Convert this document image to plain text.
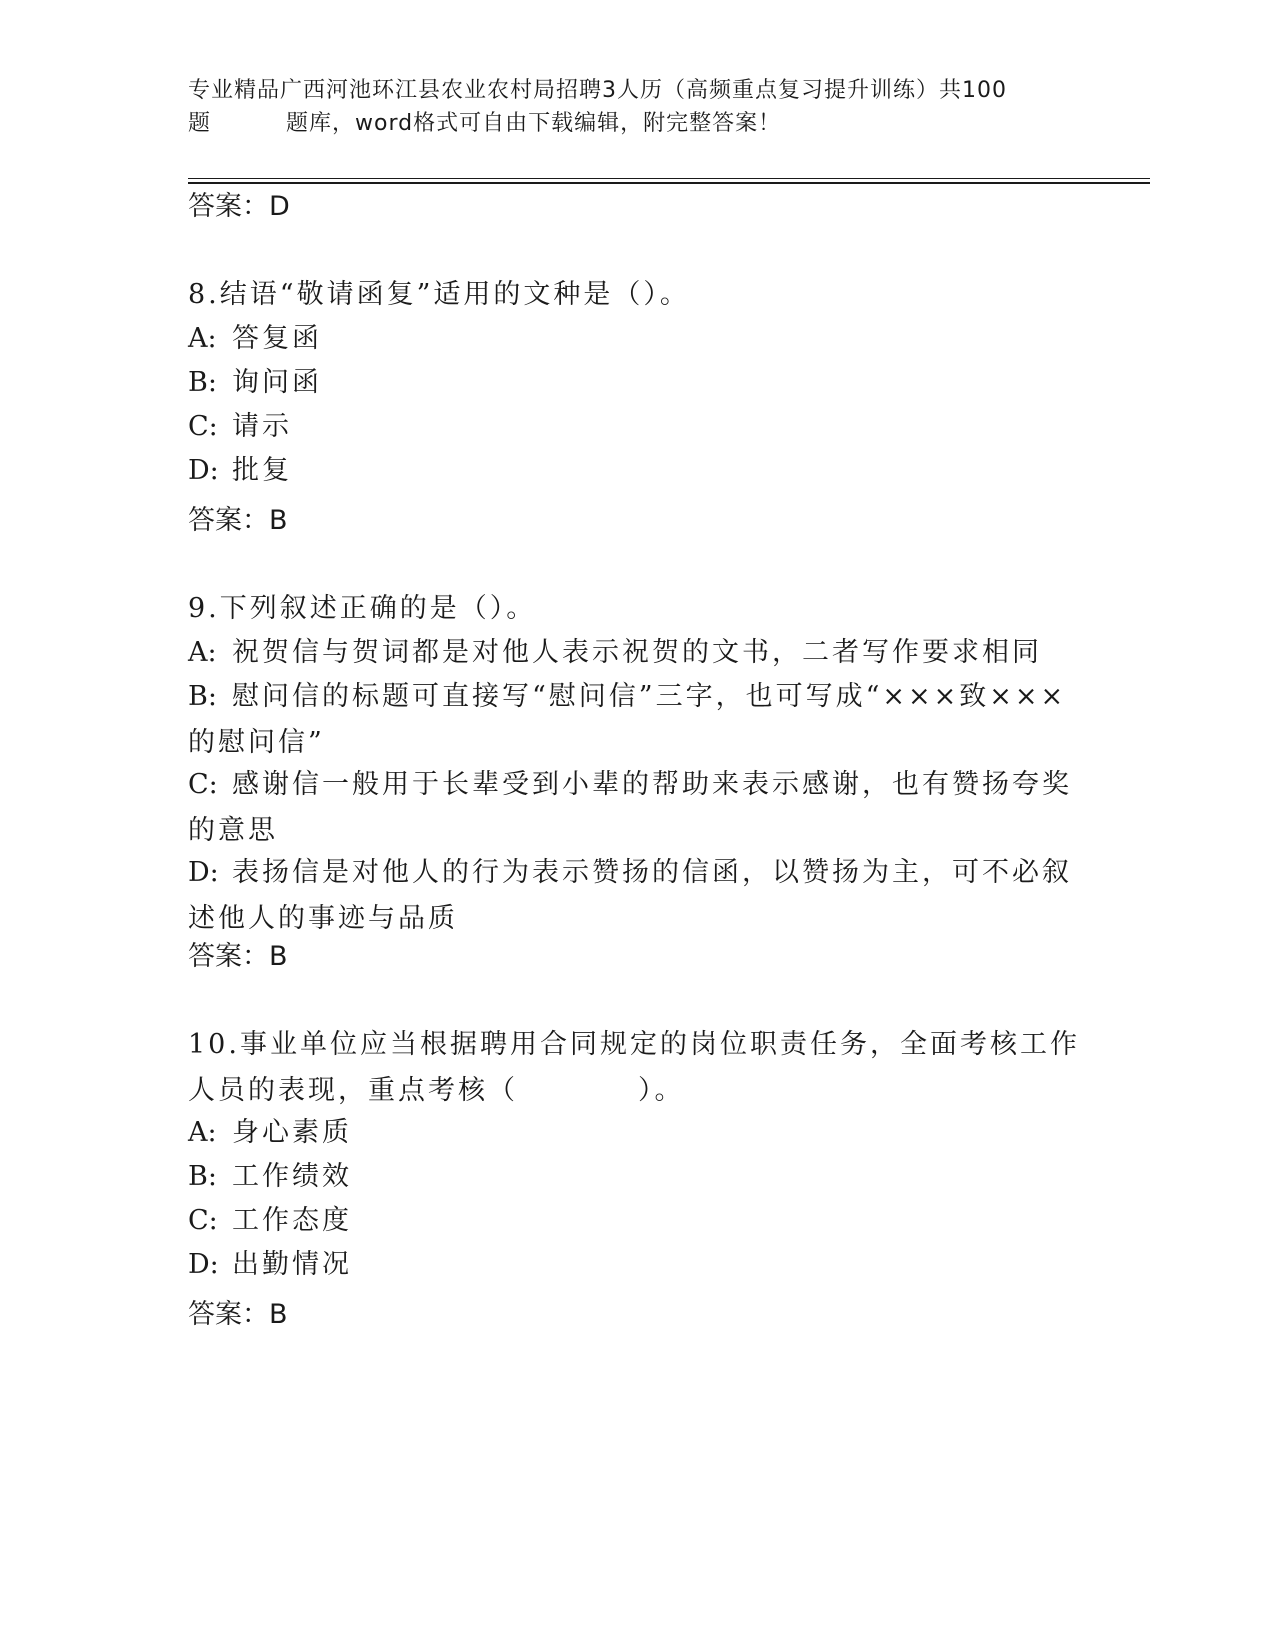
专业精品广西河池环江县农业农村局招聘3人历（高频重点复习提升训练）共100
题	题库，word格式可自由下载编辑，附完整答案！
答案：D
8.结语“敬请函复”适用的文种是（）。
A: 答复函
B: 询问函
C: 请示
D: 批复
答案：B
9.下列叙述正确的是（）。
A: 祝贺信与贺词都是对他人表示祝贺的文书，二者写作要求相同
B: 慰问信的标题可直接写“慰问信”三字，也可写成“×××致×××的慰问信”
C: 感谢信一般用于长辈受到小辈的帮助来表示感谢，也有赞扬夸奖的意思
D: 表扬信是对他人的行为表示赞扬的信函，以赞扬为主，可不必叙述他人的事迹与品质
答案：B
10.事业单位应当根据聘用合同规定的岗位职责任务，全面考核工作人员的表现，重点考核（　　　　）。
A: 身心素质
B: 工作绩效
C: 工作态度
D: 出勤情况
答案：B
